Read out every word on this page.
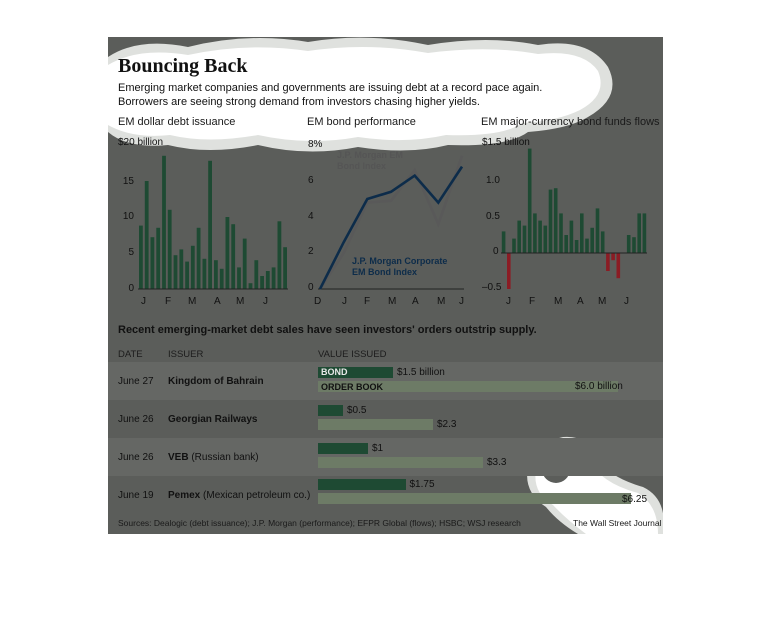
Bouncing Back
Emerging market companies and governments are issuing debt at a record pace again. Borrowers are seeing strong demand from investors chasing higher yields.
EM dollar debt issuance
$20 billion
15
10
5
0
J F M A M J
EM bond performance
8%
6
4
2
0
J.P. Morgan EM Bond Index
J.P. Morgan Corporate EM Bond Index
D J F M A M J
EM major-currency bond funds flows
$1.5 billion
1.0
0.5
0
–0.5
J F M A M J
Recent emerging-market debt sales have seen investors' orders outstrip supply.
DATE	ISSUER	VALUE ISSUED
June 27 Kingdom of Bahrain
BOND	$1.5 billion
ORDER BOOK	$6.0 billion
June 26 Georgian Railways
$0.5
$2.3
June 26 VEB (Russian bank)
$1
$3.3
June 19 Pemex (Mexican petroleum co.)
$1.75
$6.25
Sources: Dealogic (debt issuance); J.P. Morgan (performance); EFPR Global (flows); HSBC; WSJ research	The Wall Street Journal
